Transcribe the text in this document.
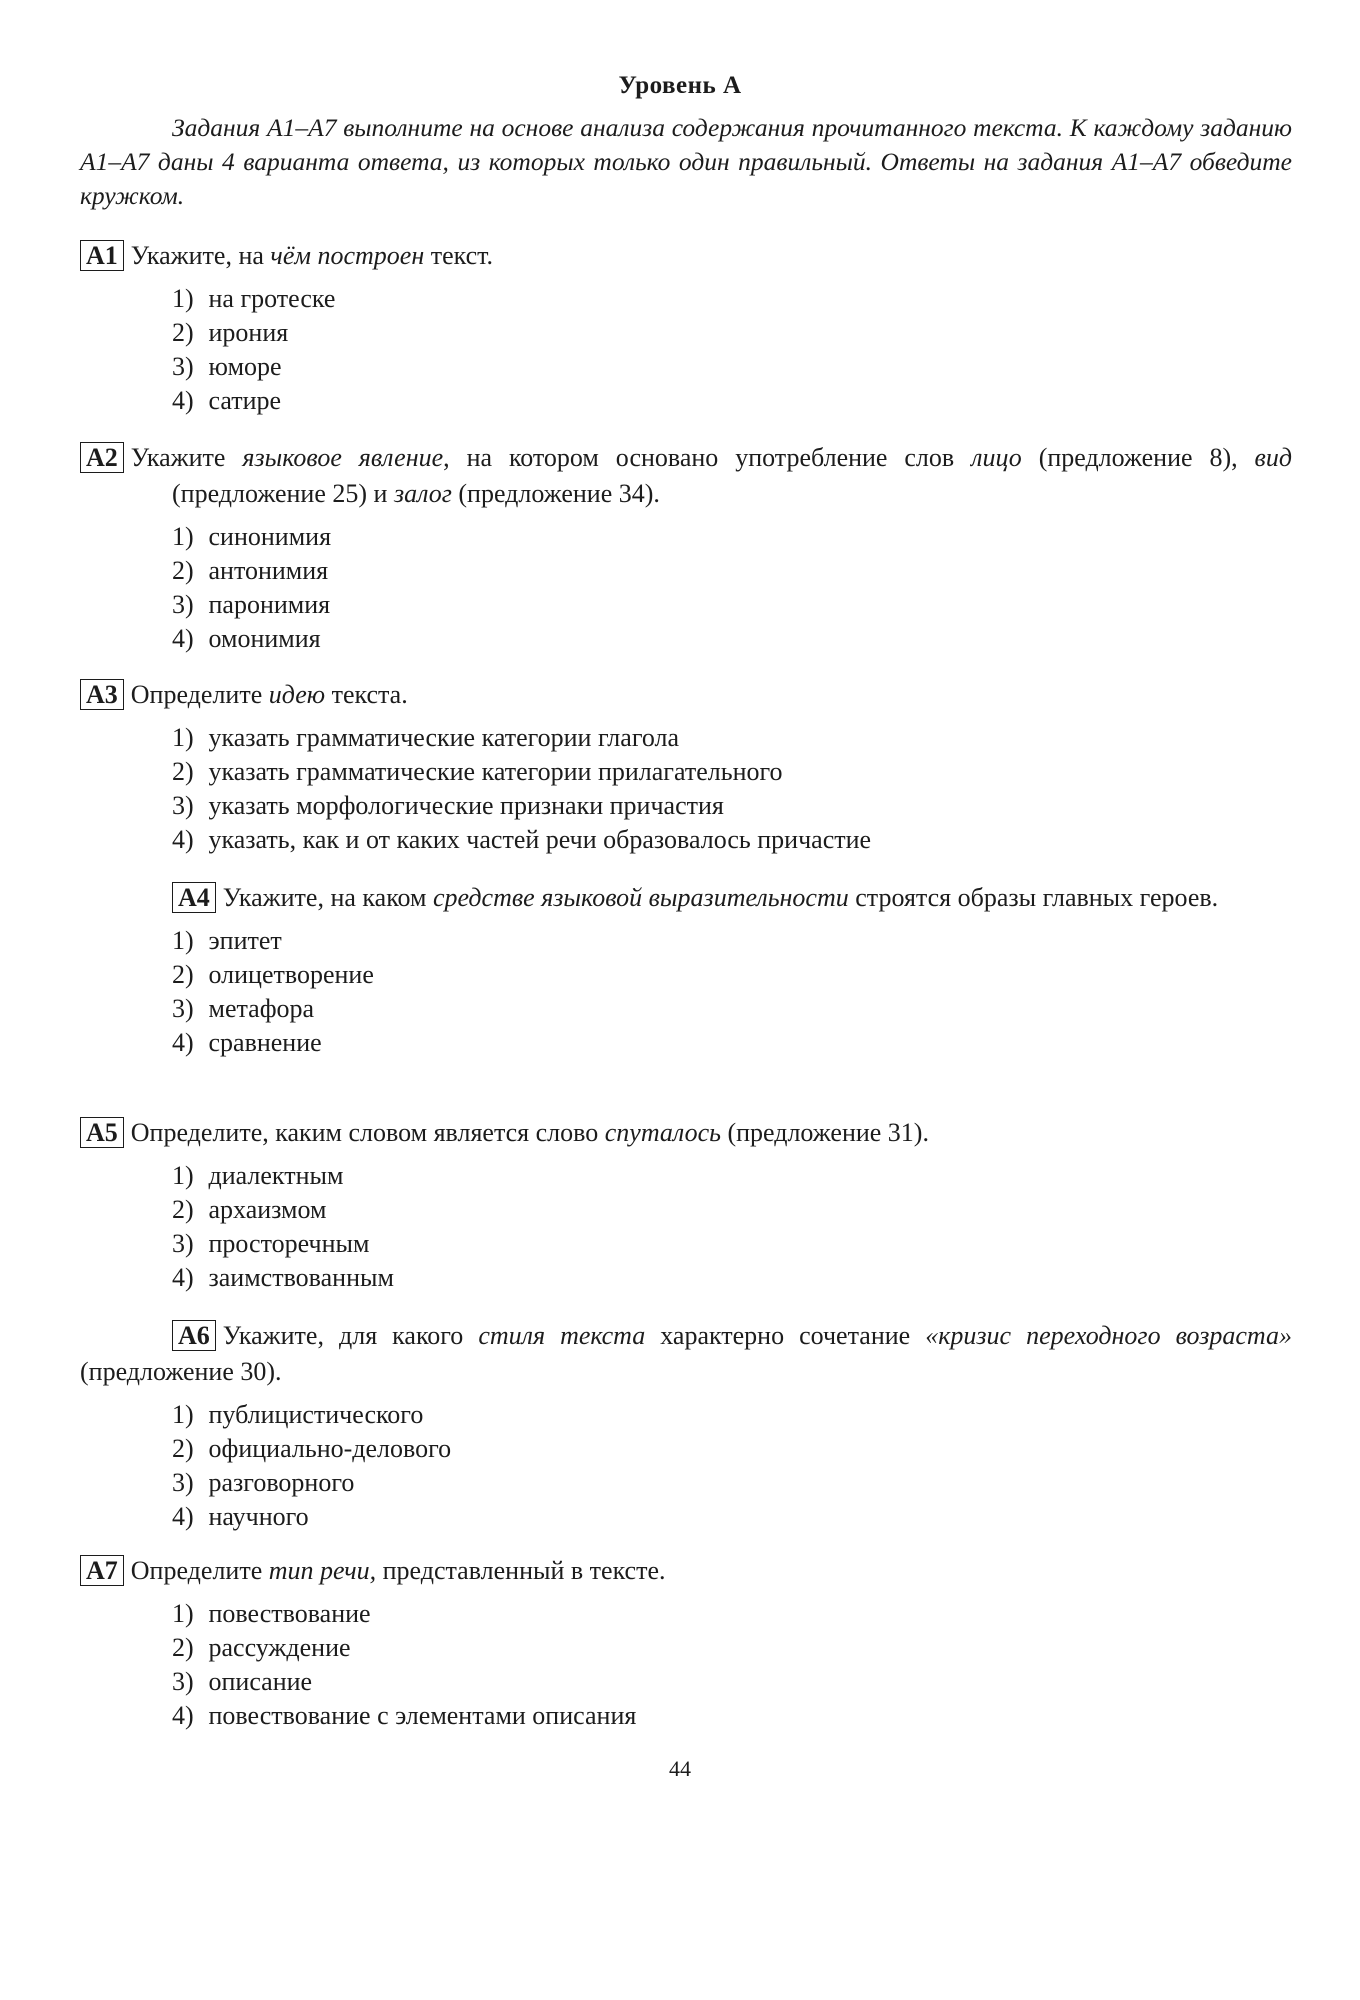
Уровень А

Задания А1–А7 выполните на основе анализа содержания прочитанного текста. К каждому заданию А1–А7 даны 4 варианта ответа, из которых только один правильный. Ответы на задания А1–А7 обведите кружком.

A1 Укажите, на чём построен текст.

1) на гротеске
2) ирония
3) юморе
4) сатире

A2 Укажите языковое явление, на котором основано употребление слов лицо (предложение 8), вид (предложение 25) и залог (предложение 34).

1) синонимия
2) антонимия
3) паронимия
4) омонимия

A3 Определите идею текста.

1) указать грамматические категории глагола
2) указать грамматические категории прилагательного
3) указать морфологические признаки причастия
4) указать, как и от каких частей речи образовалось причастие

A4 Укажите, на каком средстве языковой выразительности строятся образы главных героев.

1) эпитет
2) олицетворение
3) метафора
4) сравнение

A5 Определите, каким словом является слово спуталось (предложение 31).

1) диалектным
2) архаизмом
3) просторечным
4) заимствованным

A6 Укажите, для какого стиля текста характерно сочетание «кризис переходного возраста» (предложение 30).

1) публицистического
2) официально-делового
3) разговорного
4) научного

A7 Определите тип речи, представленный в тексте.

1) повествование
2) рассуждение
3) описание
4) повествование с элементами описания
44
